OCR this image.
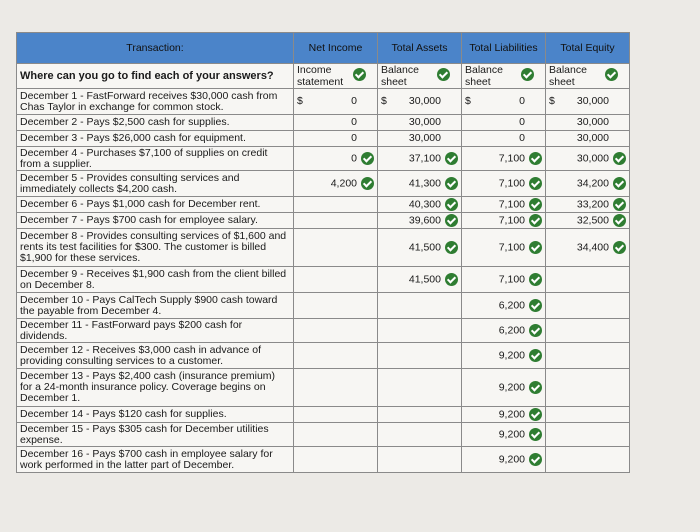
Transaction:	Net Income	Total Assets	Total Liabilities	Total Equity
Where can you go to find each of your answers?	Income statement	Balance sheet	Balance sheet	Balance sheet
December 1 - FastForward receives $30,000 cash from Chas Taylor in exchange for common stock.	$ 0	$ 30,000	$ 0	$ 30,000
December 2 - Pays $2,500 cash for supplies.	0	30,000	0	30,000
December 3 - Pays $26,000 cash for equipment.	0	30,000	0	30,000
December 4 - Purchases $7,100 of supplies on credit from a supplier.	0	37,100	7,100	30,000
December 5 - Provides consulting services and immediately collects $4,200 cash.	4,200	41,300	7,100	34,200
December 6 - Pays $1,000 cash for December rent.		40,300	7,100	33,200
December 7 - Pays $700 cash for employee salary.		39,600	7,100	32,500
December 8 - Provides consulting services of $1,600 and rents its test facilities for $300. The customer is billed $1,900 for these services.		41,500	7,100	34,400
December 9 - Receives $1,900 cash from the client billed on December 8.		41,500	7,100	
December 10 - Pays CalTech Supply $900 cash toward the payable from December 4.			6,200	
December 11 - FastForward pays $200 cash for dividends.			6,200	
December 12 - Receives $3,000 cash in advance of providing consulting services to a customer.			9,200	
December 13 - Pays $2,400 cash (insurance premium) for a 24-month insurance policy. Coverage begins on December 1.			9,200	
December 14 - Pays $120 cash for supplies.			9,200	
December 15 - Pays $305 cash for December utilities expense.			9,200	
December 16 - Pays $700 cash in employee salary for work performed in the latter part of December.			9,200	
